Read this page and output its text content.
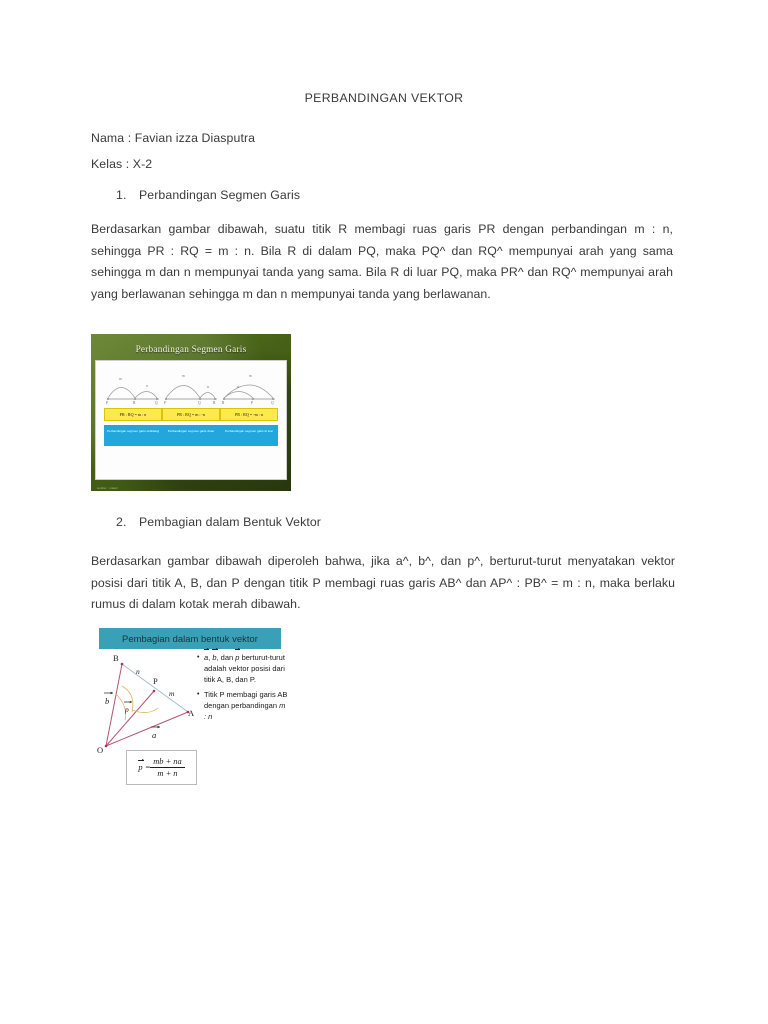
PERBANDINGAN VEKTOR
Nama : Favian izza Diasputra
Kelas : X-2
1. Perbandingan Segmen Garis
Berdasarkan gambar dibawah, suatu titik R membagi ruas garis PR dengan perbandingan m : n, sehingga PR : RQ = m : n. Bila R di dalam PQ, maka PQ^ dan RQ^ mempunyai arah yang sama sehingga m dan n mempunyai tanda yang sama. Bila R di luar PQ, maka PR^ dan RQ^ mempunyai arah yang berlawanan sehingga m dan n mempunyai tanda yang berlawanan.
Perbandingan Segmen Garis
m
n
P	R	Q
PR : RQ = m : n
Perbandingan segmen garis sebidang
m
n
P	Q	R
PR : RQ = m : -n
Perbandingan segmen garis dluar
m
n
R	P	Q
PR : RQ = -m : n
Perbandingan segmen garis di luar
sumber : materi
2. Pembagian dalam Bentuk Vektor
Berdasarkan gambar dibawah diperoleh bahwa, jika a^, b^, dan p^, berturut-turut menyatakan vektor posisi dari titik A, B, dan P dengan titik P membagi ruas garis AB^ dan AP^ : PB^ = m : n, maka berlaku rumus di dalam kotak merah dibawah.
Pembagian dalam bentuk vektor
B
P
A
O
n
m
b
a
p
$p = \frac{mb + na}{m + n}$
• a, b, dan p berturut-turut adalah vektor posisi dari titik A, B, dan P.
• Titik P membagi garis AB dengan perbandingan m : n
